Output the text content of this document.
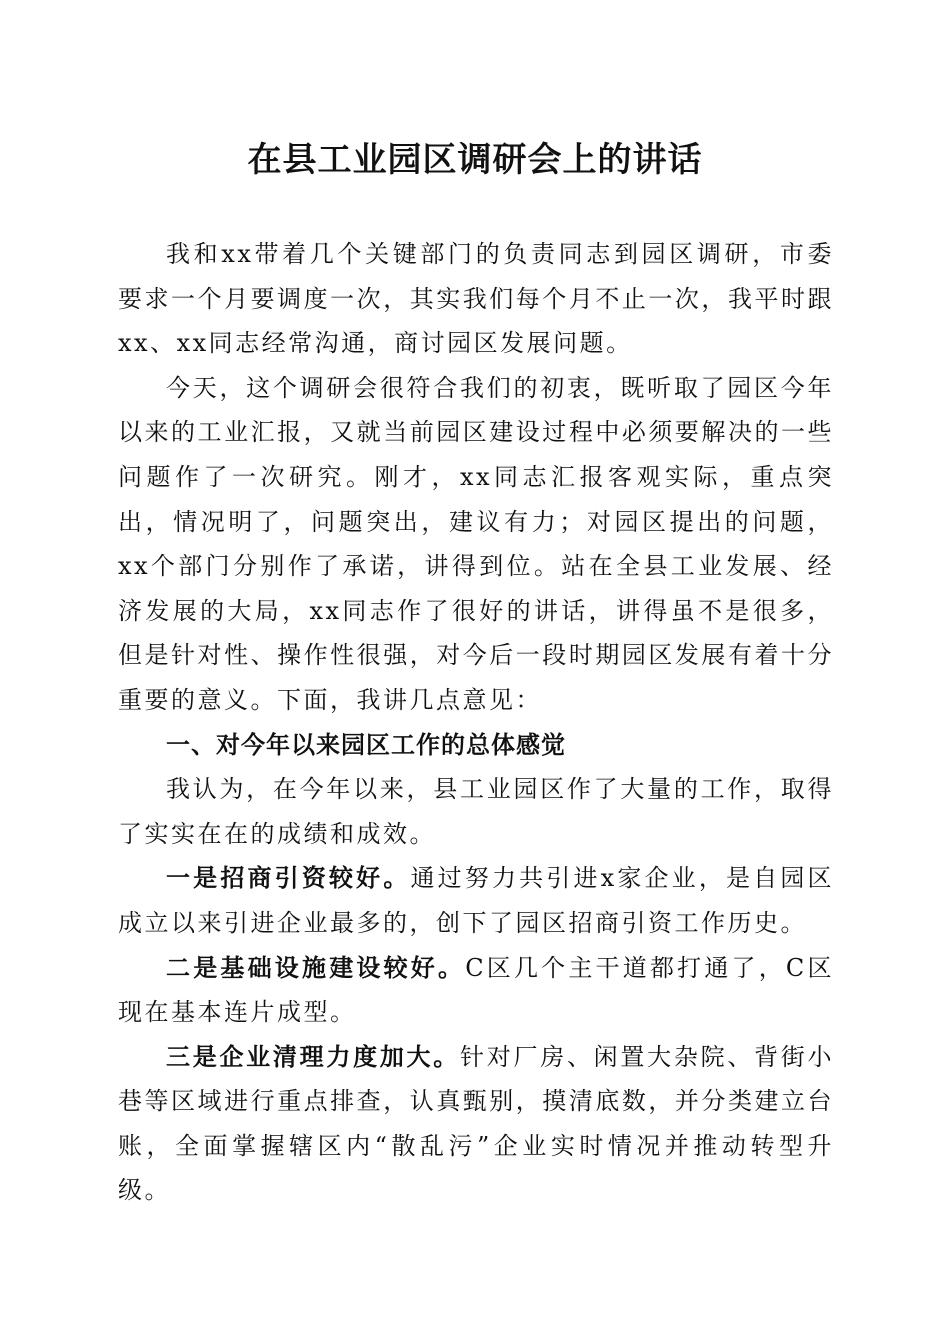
在县工业园区调研会上的讲话

我和xx带着几个关键部门的负责同志到园区调研，市委要求一个月要调度一次，其实我们每个月不止一次，我平时跟xx、xx同志经常沟通，商讨园区发展问题。

今天，这个调研会很符合我们的初衷，既听取了园区今年以来的工业汇报，又就当前园区建设过程中必须要解决的一些问题作了一次研究。刚才，xx同志汇报客观实际，重点突出，情况明了，问题突出，建议有力；对园区提出的问题，xx个部门分别作了承诺，讲得到位。站在全县工业发展、经济发展的大局，xx同志作了很好的讲话，讲得虽不是很多，但是针对性、操作性很强，对今后一段时期园区发展有着十分重要的意义。下面，我讲几点意见：

一、对今年以来园区工作的总体感觉

我认为，在今年以来，县工业园区作了大量的工作，取得了实实在在的成绩和成效。

一是招商引资较好。通过努力共引进x家企业，是自园区成立以来引进企业最多的，创下了园区招商引资工作历史。

二是基础设施建设较好。C区几个主干道都打通了，C区现在基本连片成型。

三是企业清理力度加大。针对厂房、闲置大杂院、背街小巷等区域进行重点排查，认真甄别，摸清底数，并分类建立台账，全面掌握辖区内“散乱污”企业实时情况并推动转型升级。
